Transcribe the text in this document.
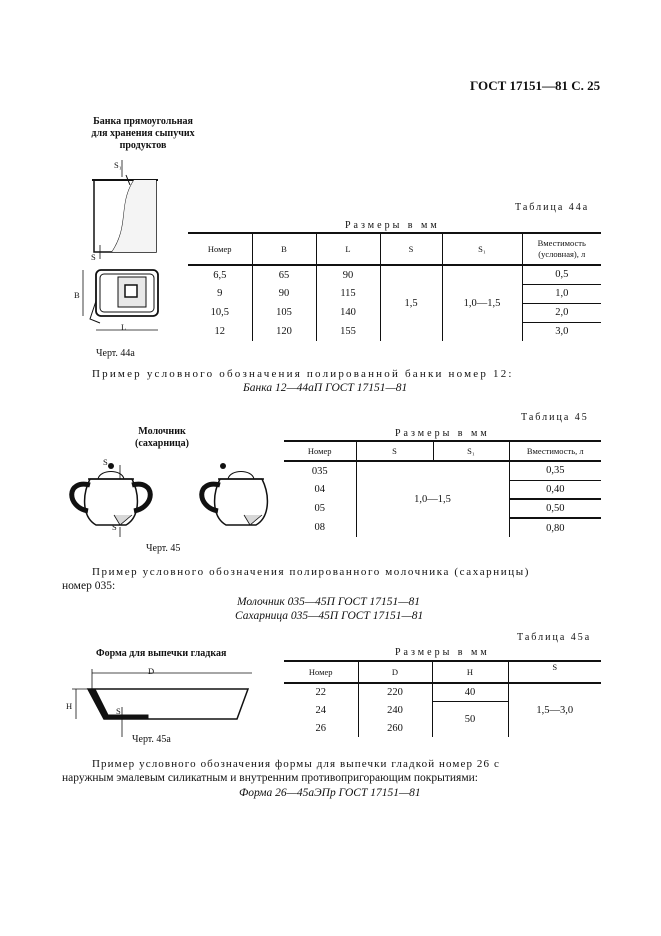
ГОСТ 17151—81 С. 25
Банка прямоугольная
для хранения сыпучих
продуктов
S₁
S
B
L
Черт. 44а
Таблица 44а
Размеры в мм
Номер	B	L	S	S₁	Вместимость
(условная), л

6,5	65	90	1,5	1,0—1,5	0,5
9	90	115			1,0
10,5	105	140			2,0
12	120	155			3,0
Пример условного обозначения полированной банки номер 12:
Банка 12—44аП ГОСТ 17151—81
Молочник
(сахарница)
S₁
S
Черт. 45
Таблица 45
Размеры в мм
Номер	S	S₁	Вместимость, л
035	1,0—1,5		0,35
04			0,40
05			0,50
08			0,80
Пример условного обозначения полированного молочника (сахарницы)
номер 035:
Молочник 035—45П ГОСТ 17151—81
Сахарница 035—45П ГОСТ 17151—81
Форма для выпечки гладкая
D
H	S
Черт. 45а
Таблица 45а
Размеры в мм
Номер	D	H	S
22	220	40	1,5—3,0
24	240	50	
26	260		
Пример условного обозначения формы для выпечки гладкой номер 26 с
наружным эмалевым силикатным и внутренним противопригорающим покрытиями:
Форма 26—45аЭПр ГОСТ 17151—81
